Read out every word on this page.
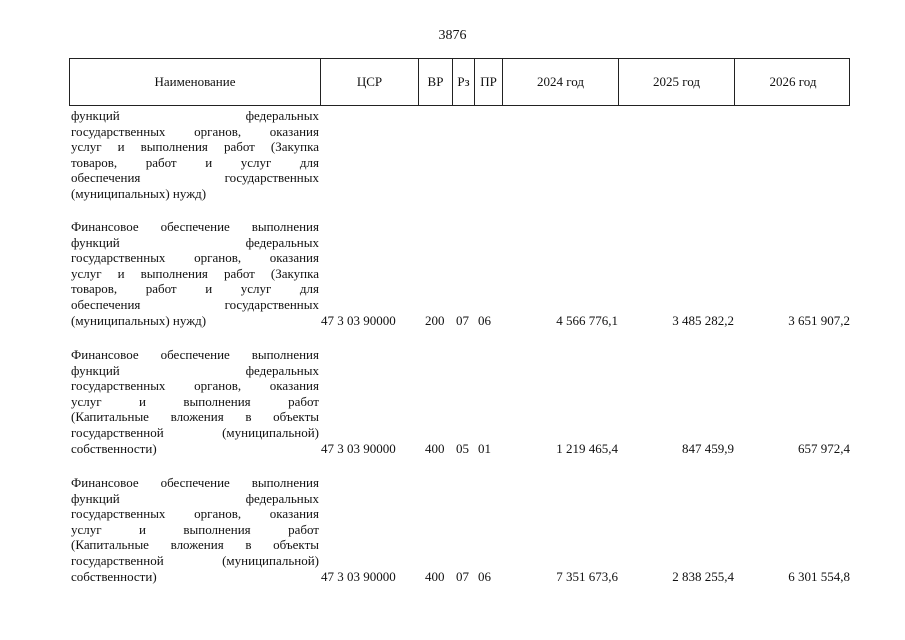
3876
Наименование	ЦСР	ВР	Рз ПР	2024 год	2025 год	2026 год
функций федеральных
государственных органов, оказания
услуг и выполнения работ (Закупка
товаров, работ и услуг для
обеспечения государственных
(муниципальных) нужд)
Финансовое обеспечение выполнения
функций федеральных
государственных органов, оказания
услуг и выполнения работ (Закупка
товаров, работ и услуг для
обеспечения государственных
(муниципальных) нужд)	47 3 03 90000	200 07 06	4 566 776,1	3 485 282,2	3 651 907,2
Финансовое обеспечение выполнения
функций федеральных
государственных органов, оказания
услуг и выполнения работ
(Капитальные вложения в объекты
государственной (муниципальной)
собственности)	47 3 03 90000	400 05 01	1 219 465,4	847 459,9	657 972,4
Финансовое обеспечение выполнения
функций федеральных
государственных органов, оказания
услуг и выполнения работ
(Капитальные вложения в объекты
государственной (муниципальной)
собственности)	47 3 03 90000	400 07 06	7 351 673,6	2 838 255,4	6 301 554,8
